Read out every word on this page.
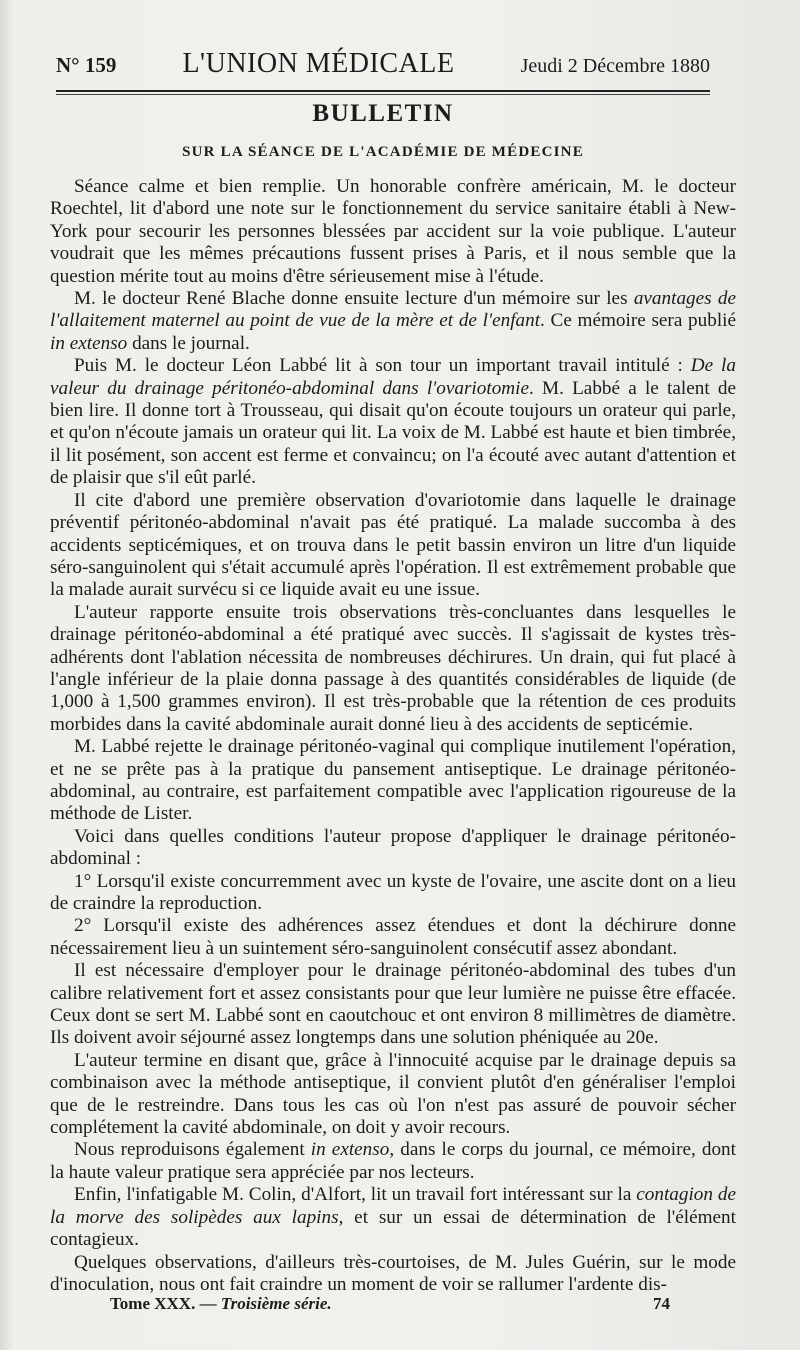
N° 159 L'UNION MÉDICALE	Jeudi 2 Décembre 1880
BULLETIN
SUR LA SÉANCE DE L'ACADÉMIE DE MÉDECINE

Séance calme et bien remplie. Un honorable confrère américain, M. le docteur Roechtel, lit d'abord une note sur le fonctionnement du service sanitaire établi à New-York pour secourir les personnes blessées par accident sur la voie publique. L'auteur voudrait que les mêmes précautions fussent prises à Paris, et il nous semble que la question mérite tout au moins d'être sérieusement mise à l'étude.

M. le docteur René Blache donne ensuite lecture d'un mémoire sur les avantages de l'allaitement maternel au point de vue de la mère et de l'enfant. Ce mémoire sera publié in extenso dans le journal.

Puis M. le docteur Léon Labbé lit à son tour un important travail intitulé : De la valeur du drainage péritonéo-abdominal dans l'ovariotomie. M. Labbé a le talent de bien lire. Il donne tort à Trousseau, qui disait qu'on écoute toujours un orateur qui parle, et qu'on n'écoute jamais un orateur qui lit. La voix de M. Labbé est haute et bien timbrée, il lit posément, son accent est ferme et convaincu; on l'a écouté avec autant d'attention et de plaisir que s'il eût parlé.

Il cite d'abord une première observation d'ovariotomie dans laquelle le drainage préventif péritonéo-abdominal n'avait pas été pratiqué. La malade succomba à des accidents septicémiques, et on trouva dans le petit bassin environ un litre d'un liquide séro-sanguinolent qui s'était accumulé après l'opération. Il est extrêmement probable que la malade aurait survécu si ce liquide avait eu une issue.

L'auteur rapporte ensuite trois observations très-concluantes dans lesquelles le drainage péritonéo-abdominal a été pratiqué avec succès. Il s'agissait de kystes très-adhérents dont l'ablation nécessita de nombreuses déchirures. Un drain, qui fut placé à l'angle inférieur de la plaie donna passage à des quantités considérables de liquide (de 1,000 à 1,500 grammes environ). Il est très-probable que la rétention de ces produits morbides dans la cavité abdominale aurait donné lieu à des accidents de septicémie.

M. Labbé rejette le drainage péritonéo-vaginal qui complique inutilement l'opération, et ne se prête pas à la pratique du pansement antiseptique. Le drainage péritonéo-abdominal, au contraire, est parfaitement compatible avec l'application rigoureuse de la méthode de Lister.

Voici dans quelles conditions l'auteur propose d'appliquer le drainage péritonéo-abdominal :

1° Lorsqu'il existe concurremment avec un kyste de l'ovaire, une ascite dont on a lieu de craindre la reproduction.

2° Lorsqu'il existe des adhérences assez étendues et dont la déchirure donne nécessairement lieu à un suintement séro-sanguinolent consécutif assez abondant.

Il est nécessaire d'employer pour le drainage péritonéo-abdominal des tubes d'un calibre relativement fort et assez consistants pour que leur lumière ne puisse être effacée. Ceux dont se sert M. Labbé sont en caoutchouc et ont environ 8 millimètres de diamètre. Ils doivent avoir séjourné assez longtemps dans une solution phéniquée au 20e.

L'auteur termine en disant que, grâce à l'innocuité acquise par le drainage depuis sa combinaison avec la méthode antiseptique, il convient plutôt d'en généraliser l'emploi que de le restreindre. Dans tous les cas où l'on n'est pas assuré de pouvoir sécher complétement la cavité abdominale, on doit y avoir recours.

Nous reproduisons également in extenso, dans le corps du journal, ce mémoire, dont la haute valeur pratique sera appréciée par nos lecteurs.

Enfin, l'infatigable M. Colin, d'Alfort, lit un travail fort intéressant sur la contagion de la morve des solipèdes aux lapins, et sur un essai de détermination de l'élément contagieux.

Quelques observations, d'ailleurs très-courtoises, de M. Jules Guérin, sur le mode d'inoculation, nous ont fait craindre un moment de voir se rallumer l'ardente dis-

Tome XXX. — Troisième série.	74
